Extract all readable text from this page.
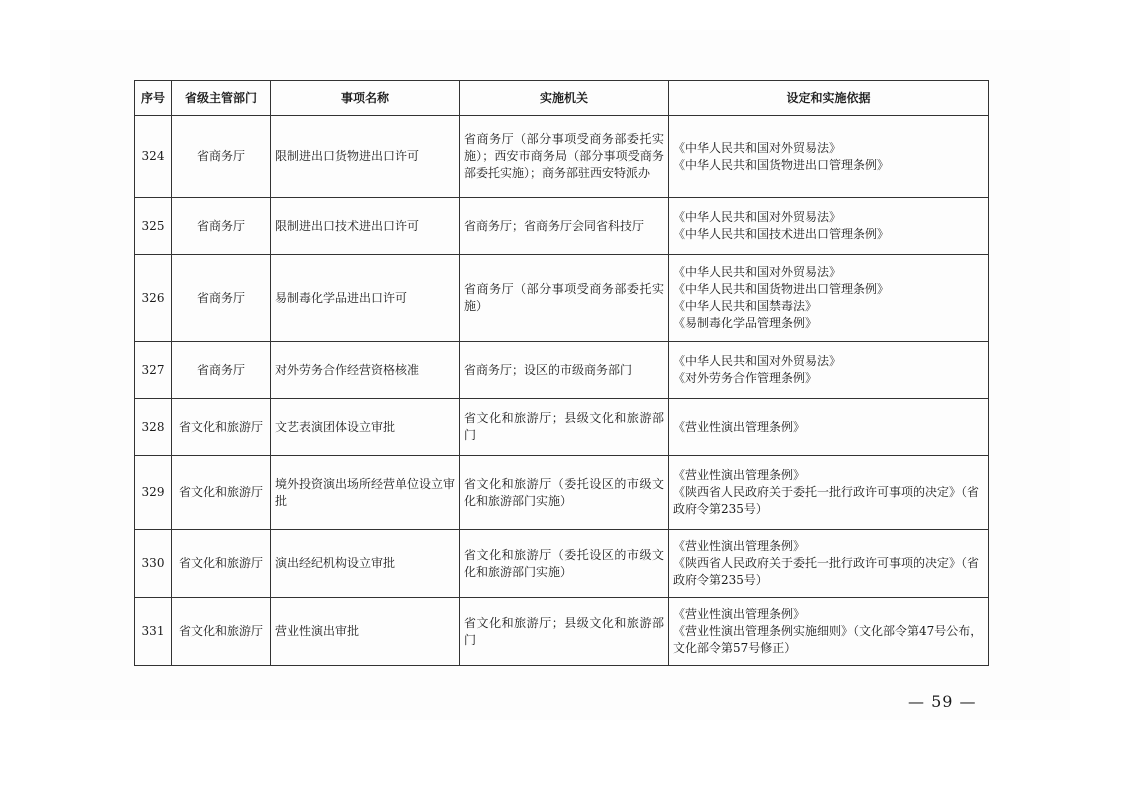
序号	省级主管部门	事项名称	实施机关	设定和实施依据
324	省商务厅	限制进出口货物进出口许可	省商务厅（部分事项受商务部委托实施）；西安市商务局（部分事项受商务部委托实施）；商务部驻西安特派办	《中华人民共和国对外贸易法》
《中华人民共和国货物进出口管理条例》

325	省商务厅	限制进出口技术进出口许可	省商务厅；省商务厅会同省科技厅	《中华人民共和国对外贸易法》
《中华人民共和国技术进出口管理条例》

326	省商务厅	易制毒化学品进出口许可	省商务厅（部分事项受商务部委托实施）	《中华人民共和国对外贸易法》
《中华人民共和国货物进出口管理条例》
《中华人民共和国禁毒法》
《易制毒化学品管理条例》

327	省商务厅	对外劳务合作经营资格核准	省商务厅；设区的市级商务部门	《中华人民共和国对外贸易法》
《对外劳务合作管理条例》

328	省文化和旅游厅	文艺表演团体设立审批	省文化和旅游厅；县级文化和旅游部门	《营业性演出管理条例》

329	省文化和旅游厅	境外投资演出场所经营单位设立审批	省文化和旅游厅（委托设区的市级文化和旅游部门实施）	《营业性演出管理条例》
《陕西省人民政府关于委托一批行政许可事项的决定》（省政府令第235号）

330	省文化和旅游厅	演出经纪机构设立审批	省文化和旅游厅（委托设区的市级文化和旅游部门实施）	《营业性演出管理条例》
《陕西省人民政府关于委托一批行政许可事项的决定》（省政府令第235号）

331	省文化和旅游厅	营业性演出审批	省文化和旅游厅；县级文化和旅游部门	《营业性演出管理条例》
《营业性演出管理条例实施细则》（文化部令第47号公布，文化部令第57号修正）
— 59 —
